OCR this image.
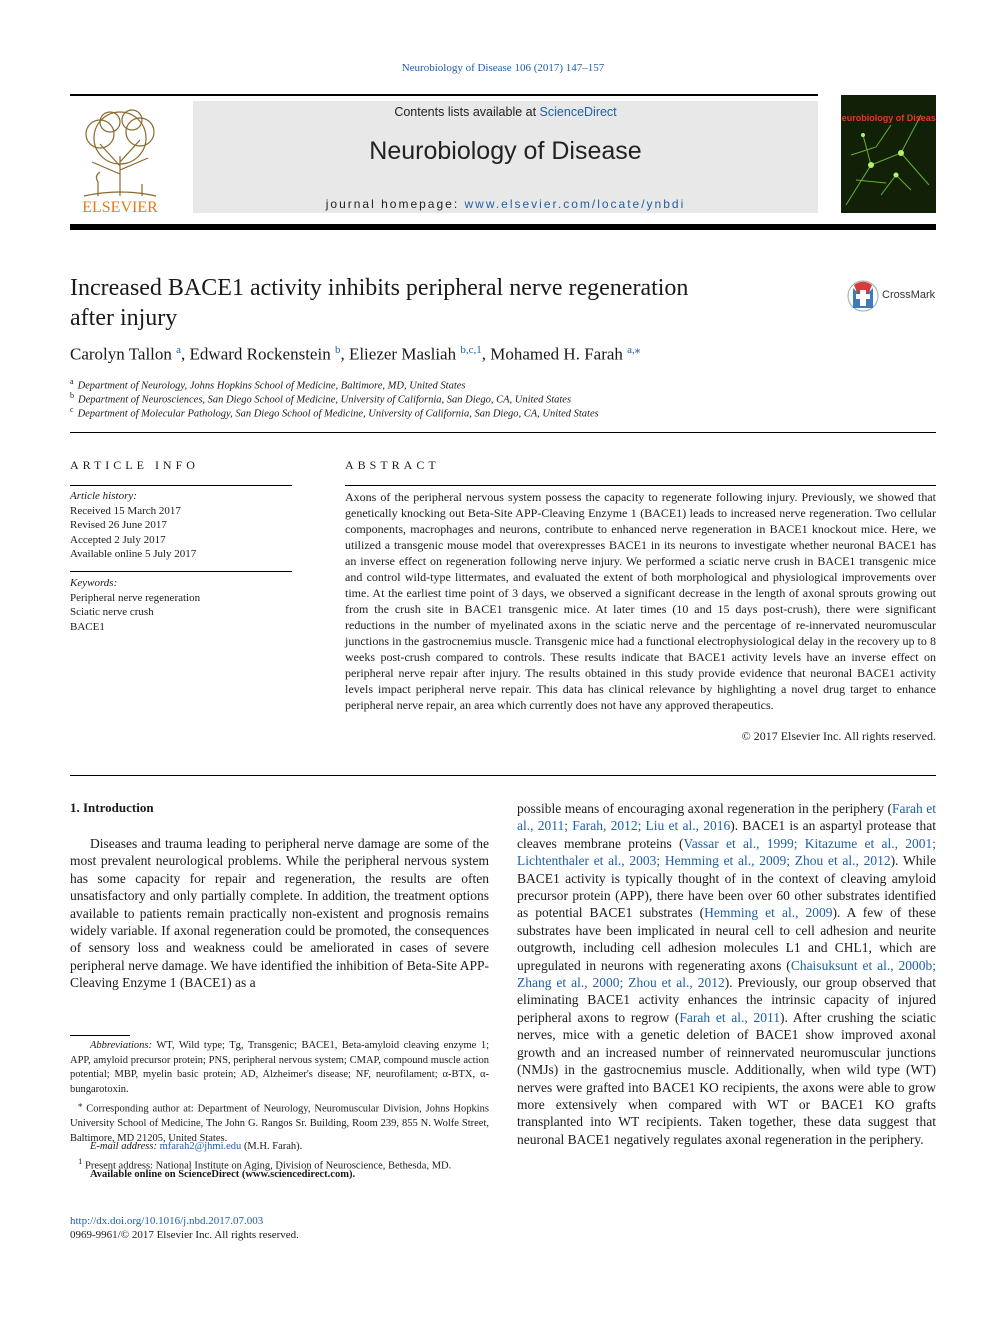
Neurobiology of Disease 106 (2017) 147–157
ELSEVIER
Contents lists available at ScienceDirect
Neurobiology of Disease
journal homepage: www.elsevier.com/locate/ynbdi
Neurobiology of Disease
Increased BACE1 activity inhibits peripheral nerve regeneration
after injury
CrossMark
Carolyn Tallon $^a$, Edward Rockenstein $^b$, Eliezer Masliah $^{b,c,1}$, Mohamed H. Farah $^{a,⁎}$
$^a$ Department of Neurology, Johns Hopkins School of Medicine, Baltimore, MD, United States
$^b$ Department of Neurosciences, San Diego School of Medicine, University of California, San Diego, CA, United States
$^c$ Department of Molecular Pathology, San Diego School of Medicine, University of California, San Diego, CA, United States
ARTICLE INFO
Article history:
Received 15 March 2017
Revised 26 June 2017
Accepted 2 July 2017
Available online 5 July 2017
Keywords:
Peripheral nerve regeneration
Sciatic nerve crush
BACE1
ABSTRACT
Axons of the peripheral nervous system possess the capacity to regenerate following injury. Previously, we showed that genetically knocking out Beta-Site APP-Cleaving Enzyme 1 (BACE1) leads to increased nerve regeneration. Two cellular components, macrophages and neurons, contribute to enhanced nerve regeneration in BACE1 knockout mice. Here, we utilized a transgenic mouse model that overexpresses BACE1 in its neurons to investigate whether neuronal BACE1 has an inverse effect on regeneration following nerve injury. We performed a sciatic nerve crush in BACE1 transgenic mice and control wild-type littermates, and evaluated the extent of both morphological and physiological improvements over time. At the earliest time point of 3 days, we observed a significant decrease in the length of axonal sprouts growing out from the crush site in BACE1 transgenic mice. At later times (10 and 15 days post-crush), there were significant reductions in the number of myelinated axons in the sciatic nerve and the percentage of re-innervated neuromuscular junctions in the gastrocnemius muscle. Transgenic mice had a functional electrophysiological delay in the recovery up to 8 weeks post-crush compared to controls. These results indicate that BACE1 activity levels have an inverse effect on peripheral nerve repair after injury. The results obtained in this study provide evidence that neuronal BACE1 activity levels impact peripheral nerve repair. This data has clinical relevance by highlighting a novel drug target to enhance peripheral nerve repair, an area which currently does not have any approved therapeutics.
© 2017 Elsevier Inc. All rights reserved.
1. Introduction
Diseases and trauma leading to peripheral nerve damage are some of the most prevalent neurological problems. While the peripheral nervous system has some capacity for repair and regeneration, the results are often unsatisfactory and only partially complete. In addition, the treatment options available to patients remain practically non-existent and prognosis remains widely variable. If axonal regeneration could be promoted, the consequences of sensory loss and weakness could be ameliorated in cases of severe peripheral nerve damage. We have identified the inhibition of Beta-Site APP-Cleaving Enzyme 1 (BACE1) as a
possible means of encouraging axonal regeneration in the periphery (Farah et al., 2011; Farah, 2012; Liu et al., 2016). BACE1 is an aspartyl protease that cleaves membrane proteins (Vassar et al., 1999; Kitazume et al., 2001; Lichtenthaler et al., 2003; Hemming et al., 2009; Zhou et al., 2012). While BACE1 activity is typically thought of in the context of cleaving amyloid precursor protein (APP), there have been over 60 other substrates identified as potential BACE1 substrates (Hemming et al., 2009). A few of these substrates have been implicated in neural cell to cell adhesion and neurite outgrowth, including cell adhesion molecules L1 and CHL1, which are upregulated in neurons with regenerating axons (Chaisuksunt et al., 2000b; Zhang et al., 2000; Zhou et al., 2012). Previously, our group observed that eliminating BACE1 activity enhances the intrinsic capacity of injured peripheral axons to regrow (Farah et al., 2011). After crushing the sciatic nerves, mice with a genetic deletion of BACE1 show improved axonal growth and an increased number of reinnervated neuromuscular junctions (NMJs) in the gastrocnemius muscle. Additionally, when wild type (WT) nerves were grafted into BACE1 KO recipients, the axons were able to grow more extensively when compared with WT or BACE1 KO grafts transplanted into WT recipients. Taken together, these data suggest that neuronal BACE1 negatively regulates axonal regeneration in the periphery.
Abbreviations: WT, Wild type; Tg, Transgenic; BACE1, Beta-amyloid cleaving enzyme 1; APP, amyloid precursor protein; PNS, peripheral nervous system; CMAP, compound muscle action potential; MBP, myelin basic protein; AD, Alzheimer's disease; NF, neurofilament; α-BTX, α-bungarotoxin.
⁎ Corresponding author at: Department of Neurology, Neuromuscular Division, Johns Hopkins University School of Medicine, The John G. Rangos Sr. Building, Room 239, 855 N. Wolfe Street, Baltimore, MD 21205, United States.
E-mail address: mfarah2@jhmi.edu (M.H. Farah).
$^1$ Present address: National Institute on Aging, Division of Neuroscience, Bethesda, MD.
Available online on ScienceDirect (www.sciencedirect.com).
http://dx.doi.org/10.1016/j.nbd.2017.07.003
0969-9961/© 2017 Elsevier Inc. All rights reserved.
